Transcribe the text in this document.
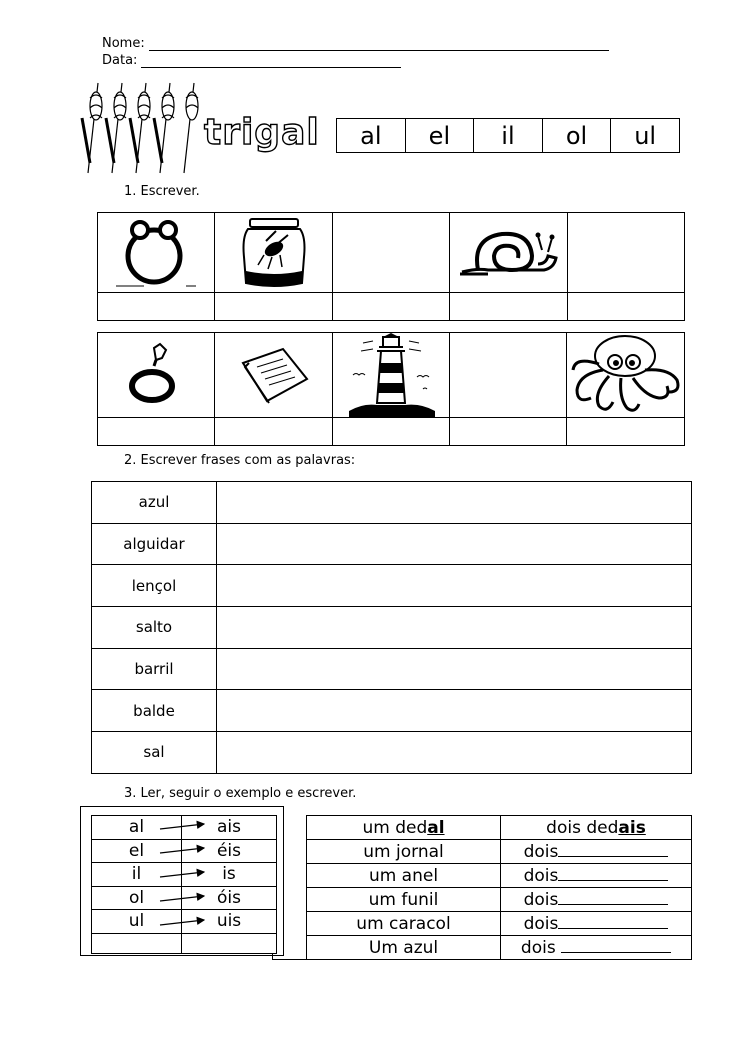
Nome:
Data:
trigal al	el	il	ol	ul
1. Escrever.

2. Escrever frases com as palavras:
azul	
alguidar	
lençol	
salto	
barril	
balde	
sal	
3. Ler, seguir o exemplo e escrever.
al	ais
el	éis
il	is
ol	óis
ul	uis

um dedal	dois dedais
um jornal	dois
um anel	dois
um funil	dois
um caracol	dois
Um azul	dois
